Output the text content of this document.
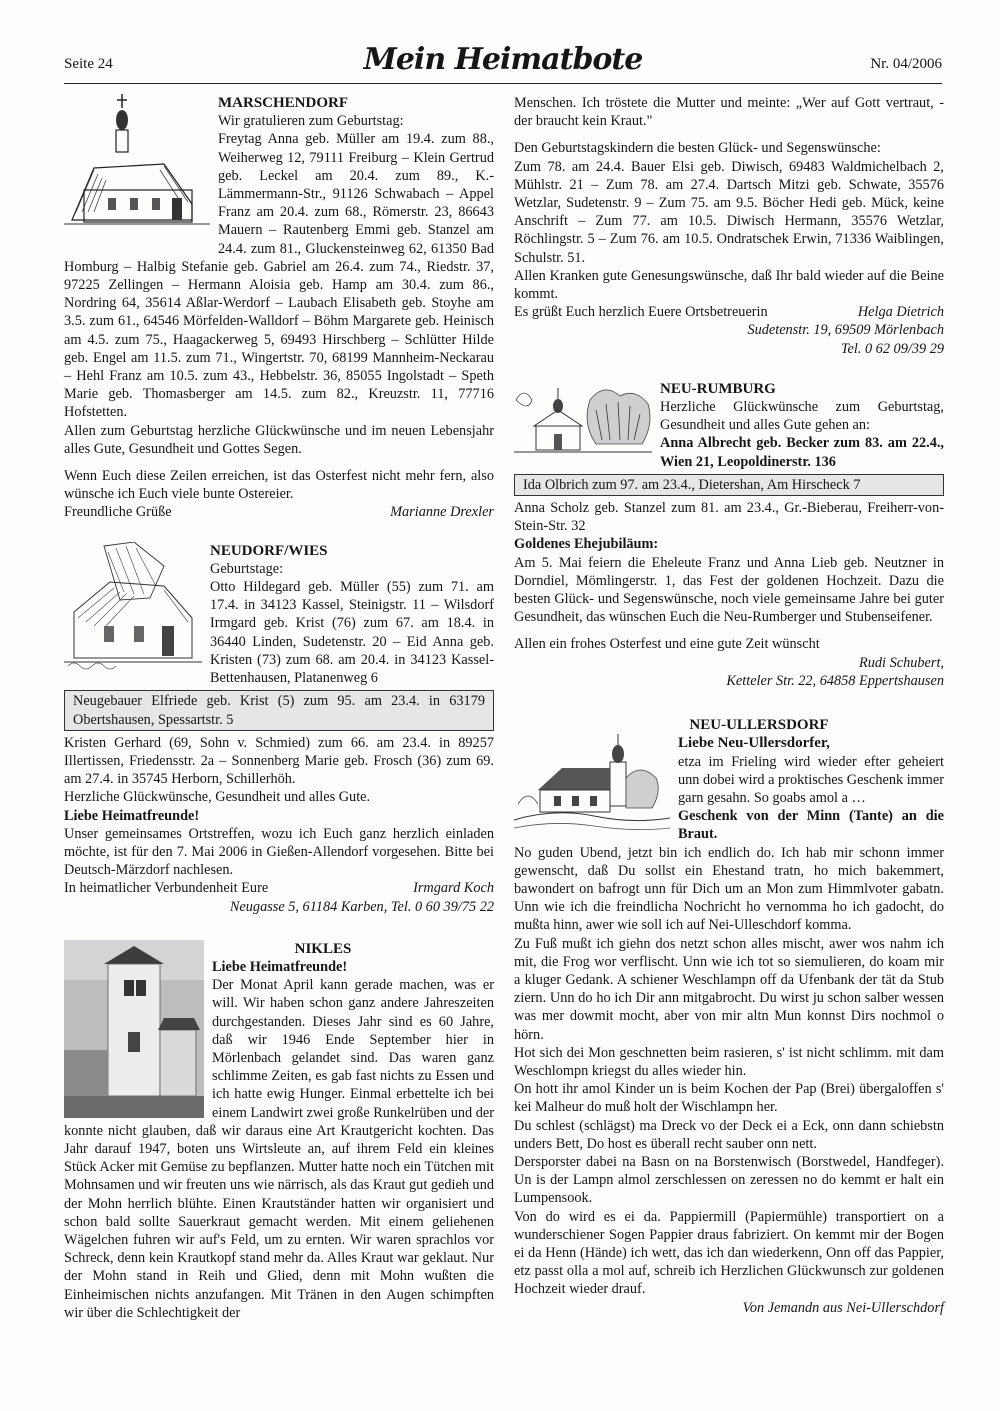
Seite 24	Mein Heimatbote	Nr. 04/2006

MARSCHENDORF

Wir gratulieren zum Geburtstag:

Freytag Anna geb. Müller am 19.4. zum 88., Weiherweg 12, 79111 Freiburg – Klein Gertrud geb. Leckel am 20.4. zum 89., K.-Lämmermann-Str., 91126 Schwabach – Appel Franz am 20.4. zum 68., Römerstr. 23, 86643 Mauern – Rautenberg Emmi geb. Stanzel am 24.4. zum 81., Gluckensteinweg 62, 61350 Bad Homburg – Halbig Stefanie geb. Gabriel am 26.4. zum 74., Riedstr. 37, 97225 Zellingen – Hermann Aloisia geb. Hamp am 30.4. zum 86., Nordring 64, 35614 Aßlar-Werdorf – Laubach Elisabeth geb. Stoyhe am 3.5. zum 61., 64546 Mörfelden-Walldorf – Böhm Margarete geb. Heinisch am 4.5. zum 75., Haagackerweg 5, 69493 Hirschberg – Schlütter Hilde geb. Engel am 11.5. zum 71., Wingertstr. 70, 68199 Mannheim-Neckarau – Hehl Franz am 10.5. zum 43., Hebbelstr. 36, 85055 Ingolstadt – Speth Marie geb. Thomasberger am 14.5. zum 82., Kreuzstr. 11, 77716 Hofstetten.

Allen zum Geburtstag herzliche Glückwünsche und im neuen Lebensjahr alles Gute, Gesundheit und Gottes Segen.

Wenn Euch diese Zeilen erreichen, ist das Osterfest nicht mehr fern, also wünsche ich Euch viele bunte Ostereier.

Freundliche Grüße	Marianne Drexler

NEUDORF/WIES

Geburtstage:

Otto Hildegard geb. Müller (55) zum 71. am 17.4. in 34123 Kassel, Steinigstr. 11 – Wilsdorf Irmgard geb. Krist (76) zum 67. am 18.4. in 36440 Linden, Sudetenstr. 20 – Eid Anna geb. Kristen (73) zum 68. am 20.4. in 34123 Kassel-Bettenhausen, Platanenweg 6

Neugebauer Elfriede geb. Krist (5) zum 95. am 23.4. in 63179 Obertshausen, Spessartstr. 5

Kristen Gerhard (69, Sohn v. Schmied) zum 66. am 23.4. in 89257 Illertissen, Friedensstr. 2a – Sonnenberg Marie geb. Frosch (36) zum 69. am 27.4. in 35745 Herborn, Schillerhöh.

Herzliche Glückwünsche, Gesundheit und alles Gute.

Liebe Heimatfreunde!

Unser gemeinsames Ortstreffen, wozu ich Euch ganz herzlich einladen möchte, ist für den 7. Mai 2006 in Gießen-Allendorf vorgesehen. Bitte bei Deutsch-Märzdorf nachlesen.

In heimatlicher Verbundenheit Eure	Irmgard Koch

Neugasse 5, 61184 Karben, Tel. 0 60 39/75 22

NIKLES

Liebe Heimatfreunde!

Der Monat April kann gerade machen, was er will. Wir haben schon ganz andere Jahreszeiten durchgestanden. Dieses Jahr sind es 60 Jahre, daß wir 1946 Ende September hier in Mörlenbach gelandet sind. Das waren ganz schlimme Zeiten, es gab fast nichts zu Essen und ich hatte ewig Hunger. Einmal erbettelte ich bei einem Landwirt zwei große Runkelrüben und der konnte nicht glauben, daß wir daraus eine Art Krautgericht kochten. Das Jahr darauf 1947, boten uns Wirtsleute an, auf ihrem Feld ein kleines Stück Acker mit Gemüse zu bepflanzen. Mutter hatte noch ein Tütchen mit Mohnsamen und wir freuten uns wie närrisch, als das Kraut gut gedieh und der Mohn herrlich blühte. Einen Krautständer hatten wir organisiert und schon bald sollte Sauerkraut gemacht werden. Mit einem geliehenen Wägelchen fuhren wir auf's Feld, um zu ernten. Wir waren sprachlos vor Schreck, denn kein Krautkopf stand mehr da. Alles Kraut war geklaut. Nur der Mohn stand in Reih und Glied, denn mit Mohn wußten die Einheimischen nichts anzufangen. Mit Tränen in den Augen schimpften wir über die Schlechtigkeit der

Menschen. Ich tröstete die Mutter und meinte: „Wer auf Gott vertraut, - der braucht kein Kraut."

Den Geburtstagskindern die besten Glück- und Segenswünsche:

Zum 78. am 24.4. Bauer Elsi geb. Diwisch, 69483 Waldmichelbach 2, Mühlstr. 21 – Zum 78. am 27.4. Dartsch Mitzi geb. Schwate, 35576 Wetzlar, Sudetenstr. 9 – Zum 75. am 9.5. Böcher Hedi geb. Mück, keine Anschrift – Zum 77. am 10.5. Diwisch Hermann, 35576 Wetzlar, Röchlingstr. 5 – Zum 76. am 10.5. Ondratschek Erwin, 71336 Waiblingen, Schulstr. 51.

Allen Kranken gute Genesungswünsche, daß Ihr bald wieder auf die Beine kommt.

Es grüßt Euch herzlich Euere Ortsbetreuerin	Helga Dietrich

Sudetenstr. 19, 69509 Mörlenbach

Tel. 0 62 09/39 29

NEU-RUMBURG

Herzliche Glückwünsche zum Geburtstag, Gesundheit und alles Gute gehen an:

Anna Albrecht geb. Becker zum 83. am 22.4., Wien 21, Leopoldinerstr. 136

Ida Olbrich zum 97. am 23.4., Dietershan, Am Hirscheck 7

Anna Scholz geb. Stanzel zum 81. am 23.4., Gr.-Bieberau, Freiherr-von-Stein-Str. 32

Goldenes Ehejubiläum:

Am 5. Mai feiern die Eheleute Franz und Anna Lieb geb. Neutzner in Dorndiel, Mömlingerstr. 1, das Fest der goldenen Hochzeit. Dazu die besten Glück- und Segenswünsche, noch viele gemeinsame Jahre bei guter Gesundheit, das wünschen Euch die Neu-Rumberger und Stubenseifener.

Allen ein frohes Osterfest und eine gute Zeit wünscht

Rudi Schubert,

Ketteler Str. 22, 64858 Eppertshausen

NEU-ULLERSDORF

Liebe Neu-Ullersdorfer,

etza im Frieling wird wieder efter geheiert unn dobei wird a proktisches Geschenk immer garn gesahn. So goabs amol a …

Geschenk von der Minn (Tante) an die Braut.

No guden Ubend, jetzt bin ich endlich do. Ich hab mir schonn immer gewenscht, daß Du sollst ein Ehestand tratn, ho mich bakemmert, bawondert on bafrogt unn für Dich um an Mon zum Himmlvoter gabatn. Unn wie ich die freindlicha Nochricht ho vernomma ho ich gadocht, do mußta hinn, awer wie soll ich auf Nei-Ulleschdorf komma.

Zu Fuß mußt ich giehn dos netzt schon alles mischt, awer wos nahm ich mit, die Frog wor verflischt. Unn wie ich tot so siemulieren, do koam mir a kluger Gedank. A schiener Weschlampn off da Ufenbank der tät da Stub ziern. Unn do ho ich Dir ann mitgabrocht. Du wirst ju schon salber wessen was mer dowmit mocht, aber von mir altn Mun konnst Dirs nochmol o hörn.

Hot sich dei Mon geschnetten beim rasieren, s' ist nicht schlimm. mit dam Weschlompn kriegst du alles wieder hin.

On hott ihr amol Kinder un is beim Kochen der Pap (Brei) übergaloffen s' kei Malheur do muß holt der Wischlampn her.

Du schlest (schlägst) ma Dreck vo der Deck ei a Eck, onn dann schiebstn unders Bett, Do host es überall recht sauber onn nett.

Dersporster dabei na Basn on na Borstenwisch (Borstwedel, Handfeger). Un is der Lampn almol zerschlessen on zeressen no do kemmt er halt ein Lumpensook.

Von do wird es ei da. Pappiermill (Papiermühle) transportiert on a wunderschiener Sogen Pappier draus fabriziert. On kemmt mir der Bogen ei da Henn (Hände) ich wett, das ich dan wiederkenn, Onn off das Pappier, etz passt olla a mol auf, schreib ich Herzlichen Glückwunsch zur goldenen Hochzeit wieder drauf.

Von Jemandn aus Nei-Ullerschdorf
